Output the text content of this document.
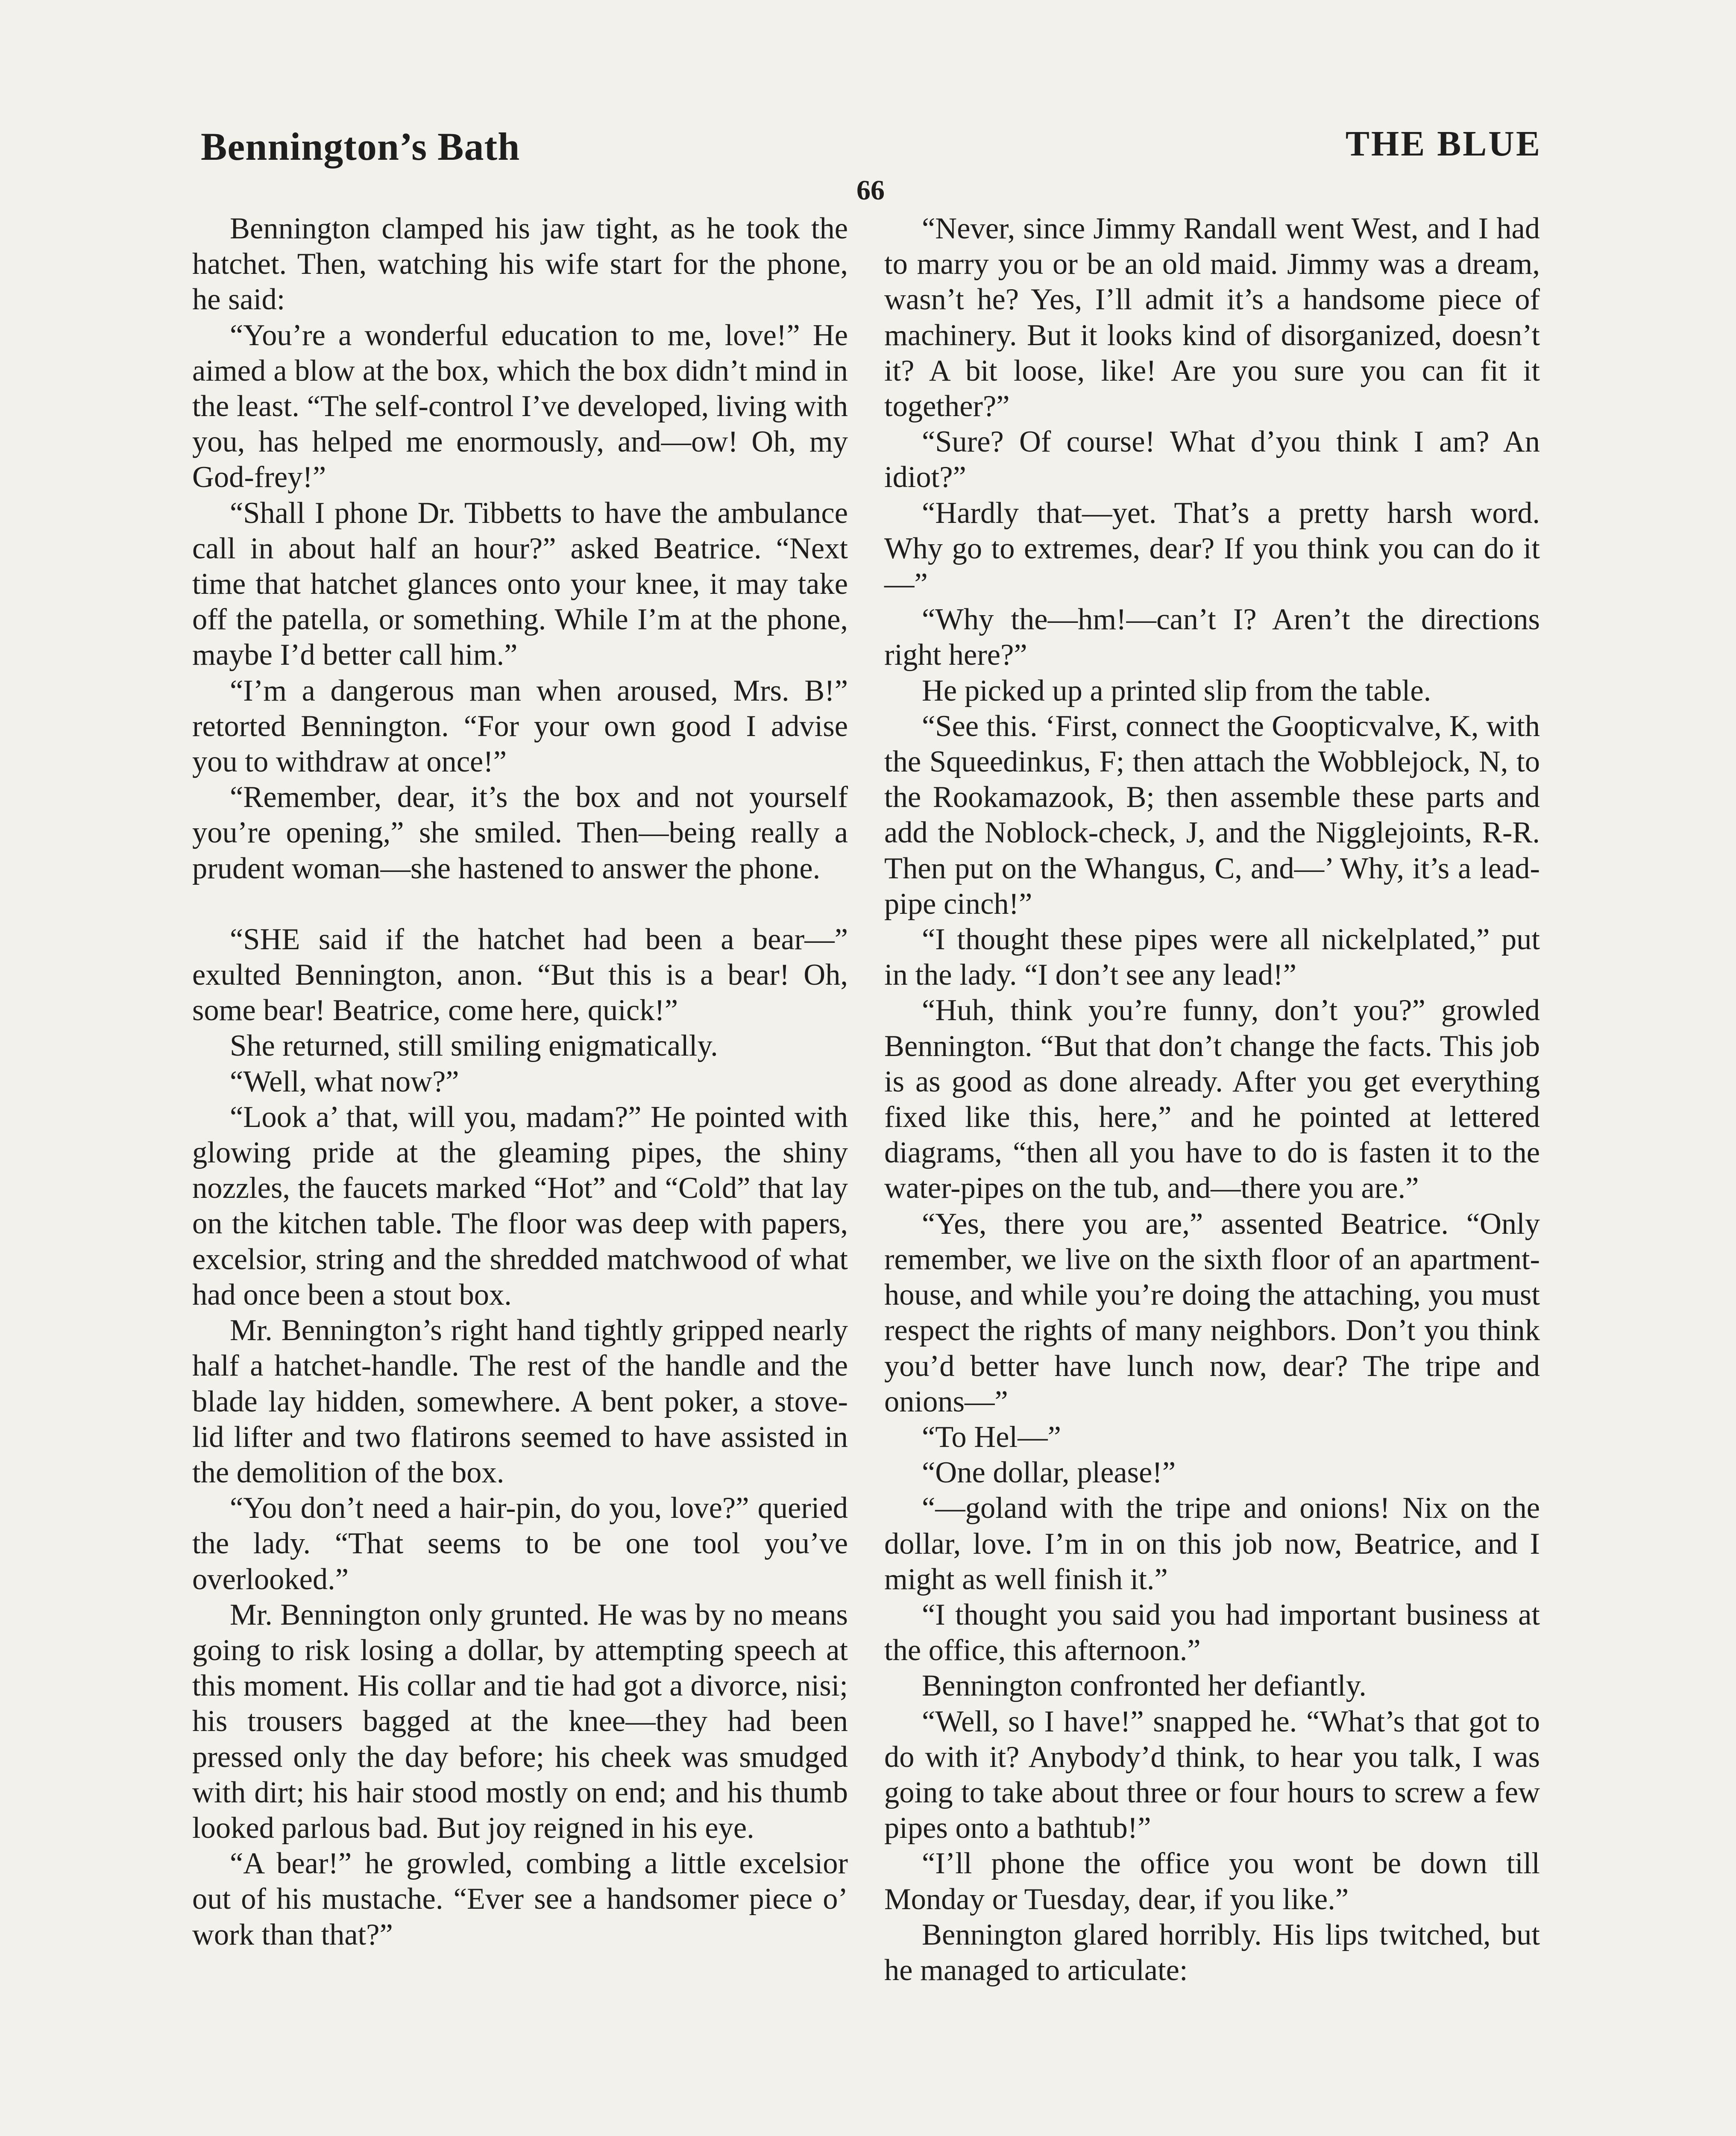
Bennington’s Bath	THE BLUE
66

Bennington clamped his jaw tight, as he took the hatchet. Then, watching his wife start for the phone, he said:

“You’re a wonderful education to me, love!” He aimed a blow at the box, which the box didn’t mind in the least. “The self-control I’ve developed, living with you, has helped me enormously, and—ow! Oh, my God-frey!”

“Shall I phone Dr. Tibbetts to have the ambulance call in about half an hour?” asked Beatrice. “Next time that hatchet glances onto your knee, it may take off the patella, or something. While I’m at the phone, maybe I’d better call him.”

“I’m a dangerous man when aroused, Mrs. B!” retorted Bennington. “For your own good I advise you to withdraw at once!”

“Remember, dear, it’s the box and not yourself you’re opening,” she smiled. Then—being really a prudent woman—she hastened to answer the phone.

“SHE said if the hatchet had been a bear—” exulted Bennington, anon. “But this is a bear! Oh, some bear! Beatrice, come here, quick!”

She returned, still smiling enigmatically.

“Well, what now?”

“Look a’ that, will you, madam?” He pointed with glowing pride at the gleaming pipes, the shiny nozzles, the faucets marked “Hot” and “Cold” that lay on the kitchen table. The floor was deep with papers, excelsior, string and the shredded matchwood of what had once been a stout box.

Mr. Bennington’s right hand tightly gripped nearly half a hatchet-handle. The rest of the handle and the blade lay hidden, somewhere. A bent poker, a stove-lid lifter and two flatirons seemed to have assisted in the demolition of the box.

“You don’t need a hair-pin, do you, love?” queried the lady. “That seems to be one tool you’ve overlooked.”

Mr. Bennington only grunted. He was by no means going to risk losing a dollar, by attempting speech at this moment. His collar and tie had got a divorce, nisi; his trousers bagged at the knee—they had been pressed only the day before; his cheek was smudged with dirt; his hair stood mostly on end; and his thumb looked parlous bad. But joy reigned in his eye.

“A bear!” he growled, combing a little excelsior out of his mustache. “Ever see a handsomer piece o’ work than that?”

“Never, since Jimmy Randall went West, and I had to marry you or be an old maid. Jimmy was a dream, wasn’t he? Yes, I’ll admit it’s a handsome piece of machinery. But it looks kind of disorganized, doesn’t it? A bit loose, like! Are you sure you can fit it together?”

“Sure? Of course! What d’you think I am? An idiot?”

“Hardly that—yet. That’s a pretty harsh word. Why go to extremes, dear? If you think you can do it—”

“Why the—hm!—can’t I? Aren’t the directions right here?”

He picked up a printed slip from the table.

“See this. ‘First, connect the Goopticvalve, K, with the Squeedinkus, F; then attach the Wobblejock, N, to the Rookamazook, B; then assemble these parts and add the Noblock-check, J, and the Nigglejoints, R-R. Then put on the Whangus, C, and—’ Why, it’s a lead-pipe cinch!”

“I thought these pipes were all nickelplated,” put in the lady. “I don’t see any lead!”

“Huh, think you’re funny, don’t you?” growled Bennington. “But that don’t change the facts. This job is as good as done already. After you get everything fixed like this, here,” and he pointed at lettered diagrams, “then all you have to do is fasten it to the water-pipes on the tub, and—there you are.”

“Yes, there you are,” assented Beatrice. “Only remember, we live on the sixth floor of an apartment-house, and while you’re doing the attaching, you must respect the rights of many neighbors. Don’t you think you’d better have lunch now, dear? The tripe and onions—”

“To Hel—”

“One dollar, please!”

“—goland with the tripe and onions! Nix on the dollar, love. I’m in on this job now, Beatrice, and I might as well finish it.”

“I thought you said you had important business at the office, this afternoon.”

Bennington confronted her defiantly.

“Well, so I have!” snapped he. “What’s that got to do with it? Anybody’d think, to hear you talk, I was going to take about three or four hours to screw a few pipes onto a bathtub!”

“I’ll phone the office you wont be down till Monday or Tuesday, dear, if you like.”

Bennington glared horribly. His lips twitched, but he managed to articulate:
